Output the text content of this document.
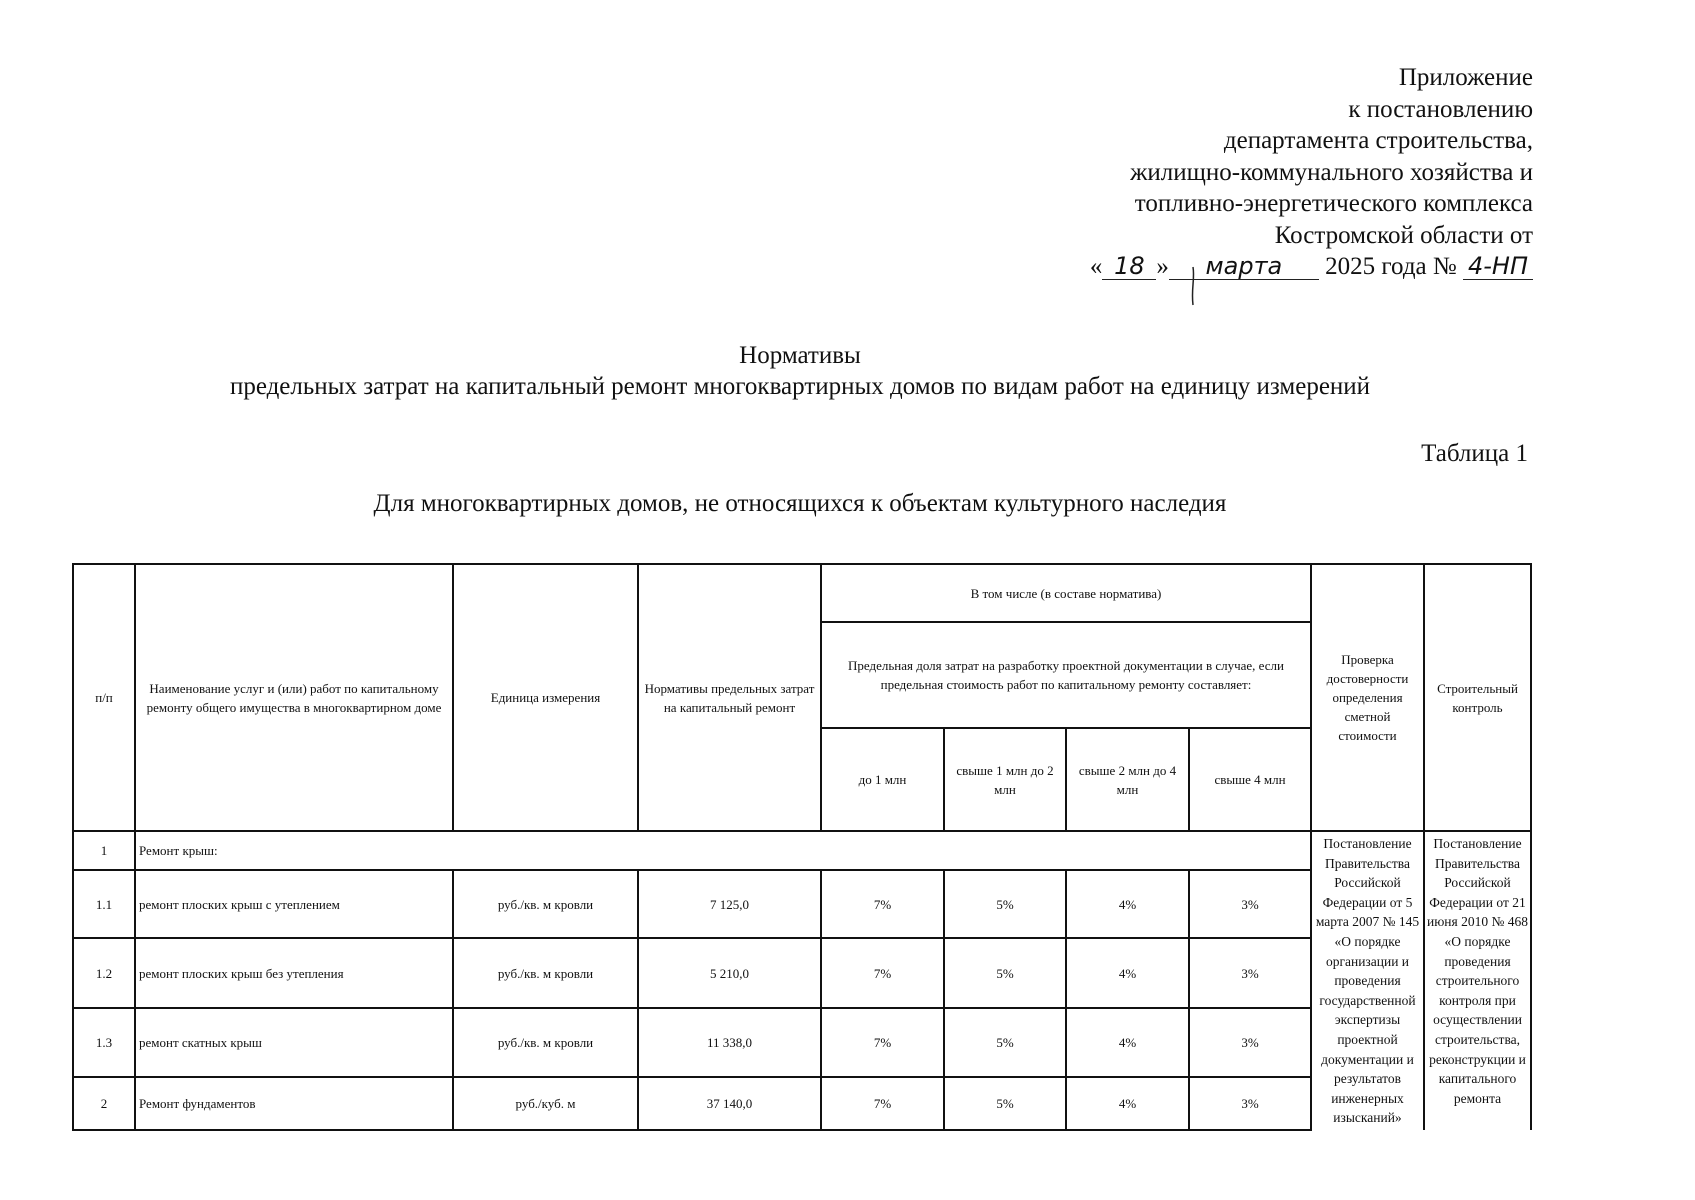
Приложение
к постановлению
департамента строительства,
жилищно-коммунального хозяйства и
топливно-энергетического комплекса
Костромской области от
« 18 » марта 2025 года № 4-НП
Нормативы
предельных затрат на капитальный ремонт многоквартирных домов по видам работ на единицу измерений
Таблица 1
Для многоквартирных домов, не относящихся к объектам культурного наследия
п/п	Наименование услуг и (или) работ по капитальному ремонту общего имущества в многоквартирном доме	Единица измерения	Нормативы предельных затрат на капитальный ремонт	В том числе (в составе норматива)				Проверка достоверности определения сметной стоимости	Строительный контроль
				Предельная доля затрат на разработку проектной документации в случае, если предельная стоимость работ по капитальному ремонту составляет:					
				до 1 млн	свыше 1 млн до 2 млн	свыше 2 млн до 4 млн	свыше 4 млн		
1	Ремонт крыш:							Постановление Правительства Российской Федерации от 5 марта 2007 № 145 «О порядке организации и проведения государственной экспертизы проектной документации и результатов инженерных изысканий»	Постановление Правительства Российской Федерации от 21 июня 2010 № 468 «О порядке проведения строительного контроля при осуществлении строительства, реконструкции и капитального ремонта
1.1	ремонт плоских крыш с утеплением	руб./кв. м кровли	7 125,0	7%	5%	4%	3%		
1.2	ремонт плоских крыш без утепления	руб./кв. м кровли	5 210,0	7%	5%	4%	3%		
1.3	ремонт скатных крыш	руб./кв. м кровли	11 338,0	7%	5%	4%	3%		
2	Ремонт фундаментов	руб./куб. м	37 140,0	7%	5%	4%	3%		
